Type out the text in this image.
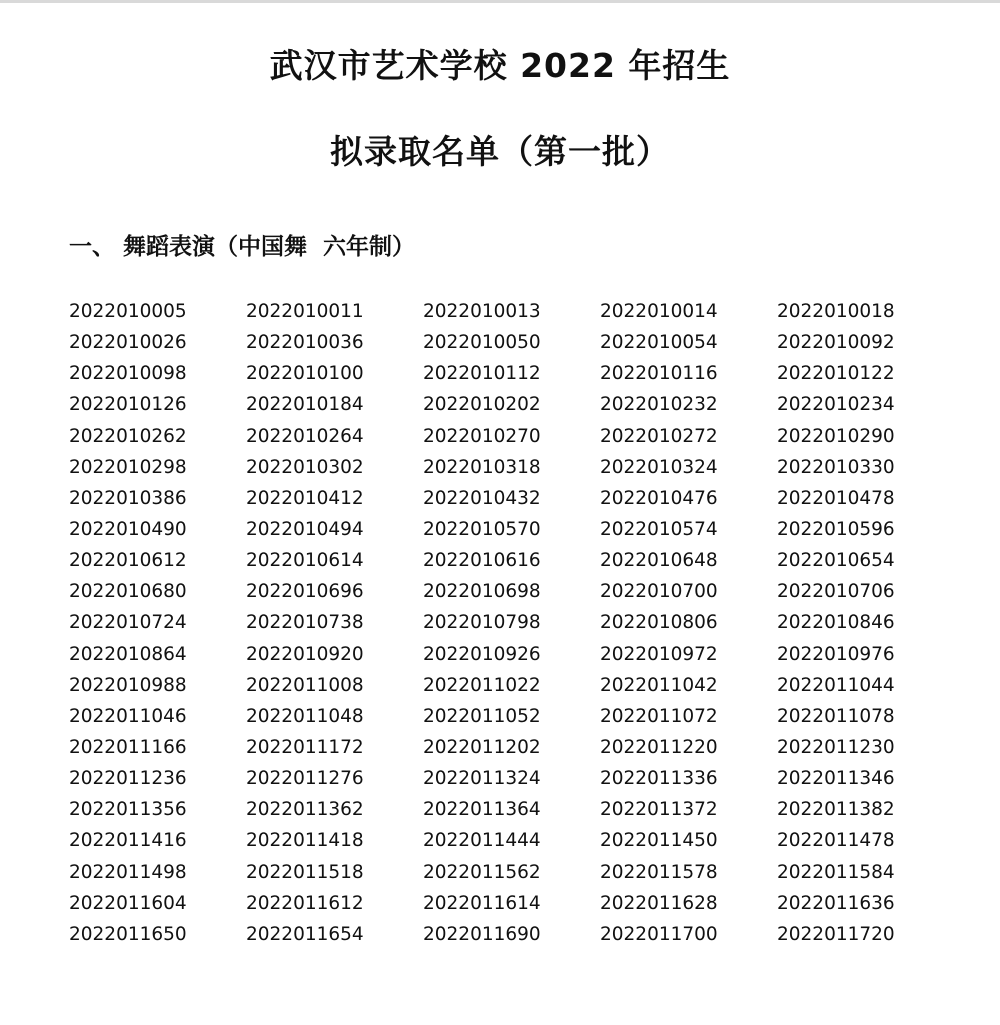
武汉市艺术学校 2022 年招生
拟录取名单（第一批）
一、 舞蹈表演（中国舞  六年制）
2022010005	2022010011	2022010013	2022010014	2022010018
2022010026	2022010036	2022010050	2022010054	2022010092
2022010098	2022010100	2022010112	2022010116	2022010122
2022010126	2022010184	2022010202	2022010232	2022010234
2022010262	2022010264	2022010270	2022010272	2022010290
2022010298	2022010302	2022010318	2022010324	2022010330
2022010386	2022010412	2022010432	2022010476	2022010478
2022010490	2022010494	2022010570	2022010574	2022010596
2022010612	2022010614	2022010616	2022010648	2022010654
2022010680	2022010696	2022010698	2022010700	2022010706
2022010724	2022010738	2022010798	2022010806	2022010846
2022010864	2022010920	2022010926	2022010972	2022010976
2022010988	2022011008	2022011022	2022011042	2022011044
2022011046	2022011048	2022011052	2022011072	2022011078
2022011166	2022011172	2022011202	2022011220	2022011230
2022011236	2022011276	2022011324	2022011336	2022011346
2022011356	2022011362	2022011364	2022011372	2022011382
2022011416	2022011418	2022011444	2022011450	2022011478
2022011498	2022011518	2022011562	2022011578	2022011584
2022011604	2022011612	2022011614	2022011628	2022011636
2022011650	2022011654	2022011690	2022011700	2022011720
